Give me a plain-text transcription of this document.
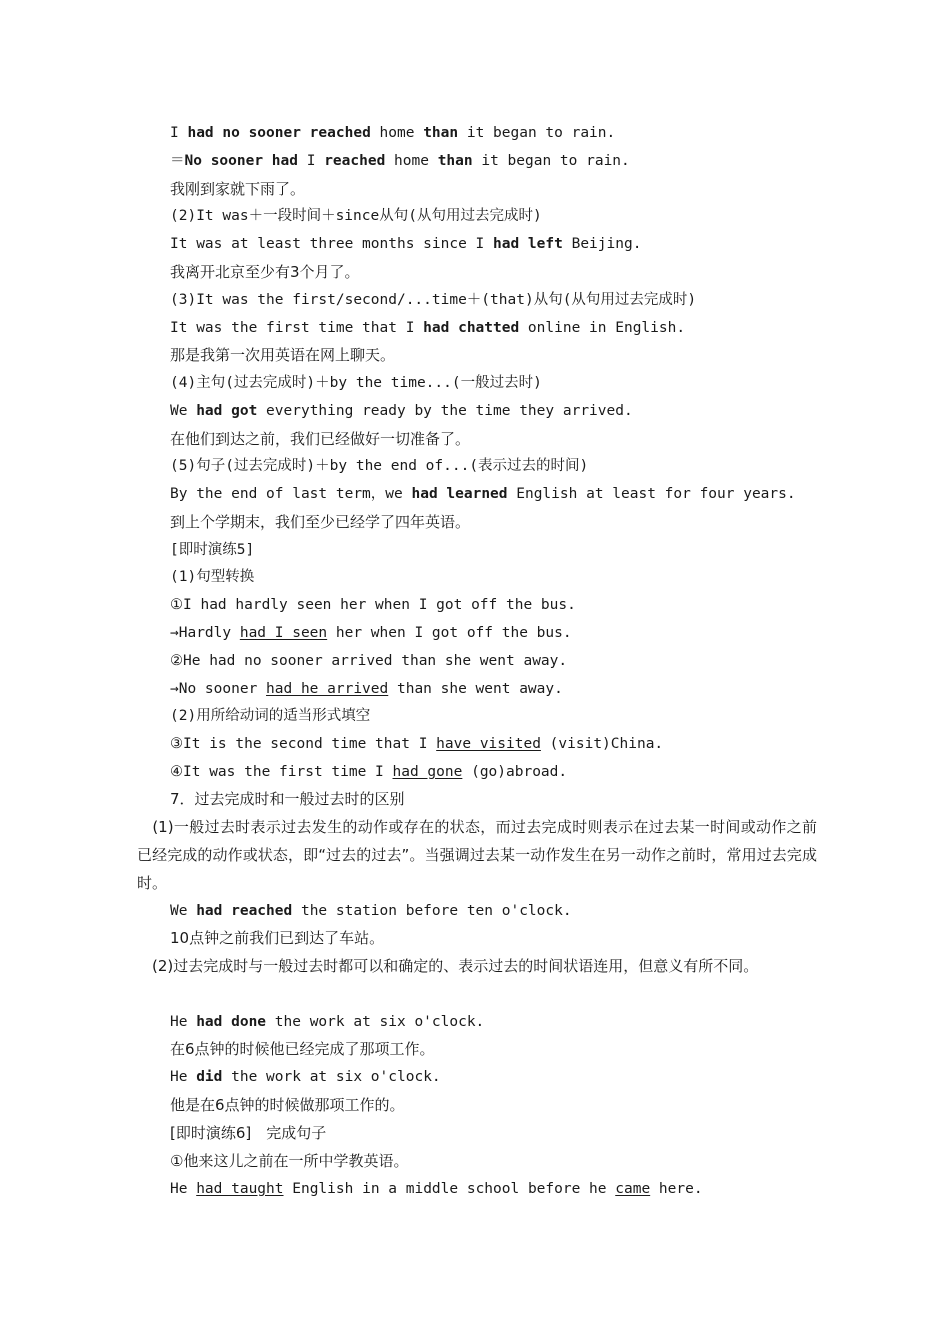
I had no sooner reached home than it began to rain.
＝No sooner had I reached home than it began to rain.
我刚到家就下雨了。
(2)It was＋一段时间＋since从句(从句用过去完成时)
It was at least three months since I had left Beijing.
我离开北京至少有3个月了。
(3)It was the first/second/...time＋(that)从句(从句用过去完成时)
It was the first time that I had chatted online in English.
那是我第一次用英语在网上聊天。
(4)主句(过去完成时)＋by the time...(一般过去时)
We had got everything ready by the time they arrived.
在他们到达之前，我们已经做好一切准备了。
(5)句子(过去完成时)＋by the end of...(表示过去的时间)
By the end of last term，we had learned English at least for four years.
到上个学期末，我们至少已经学了四年英语。
[即时演练5]
(1)句型转换
①I had hardly seen her when I got off the bus.
→Hardly had I seen her when I got off the bus.
②He had no sooner arrived than she went away.
→No sooner had he arrived than she went away.
(2)用所给动词的适当形式填空
③It is the second time that I have visited (visit)China.
④It was the first time I had gone (go)abroad.
7．过去完成时和一般过去时的区别
　(1)一般过去时表示过去发生的动作或存在的状态，而过去完成时则表示在过去某一时间或动作之前已经完成的动作或状态，即“过去的过去”。当强调过去某一动作发生在另一动作之前时，常用过去完成时。
We had reached the station before ten o'clock.
10点钟之前我们已到达了车站。
　(2)过去完成时与一般过去时都可以和确定的、表示过去的时间状语连用，但意义有所不同。
He had done the work at six o'clock.
在6点钟的时候他已经完成了那项工作。
He did the work at six o'clock.
他是在6点钟的时候做那项工作的。
[即时演练6]　完成句子
①他来这儿之前在一所中学教英语。
He had taught English in a middle school before he came here.
